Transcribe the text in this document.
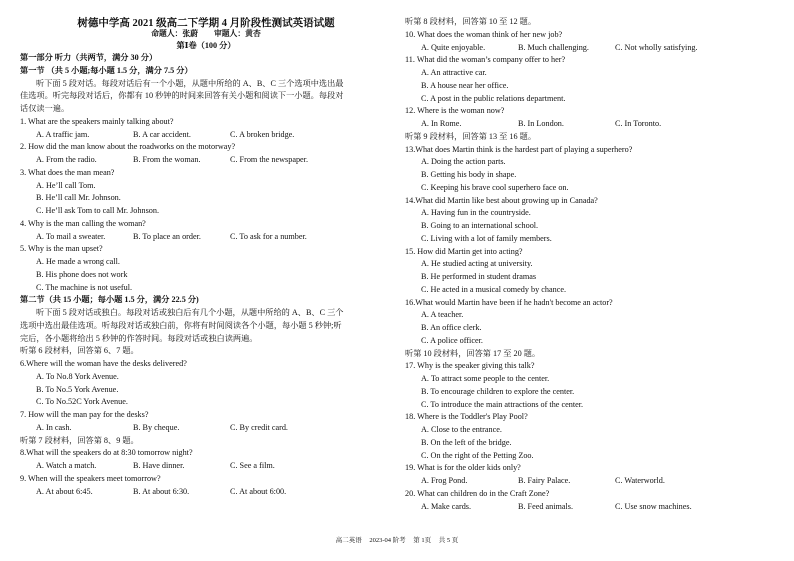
树德中学高 2021 级高二下学期 4 月阶段性测试英语试题
命题人：张蔚 审题人：黄杏
第Ⅰ卷（100 分）
第一部分 听力（共两节，满分 30 分）
第一节 （共 5 小题;每小题 1.5 分，满分 7.5 分）
听下面 5 段对话。每段对话后有一个小题，从题中所给的 A、B、C 三个选项中选出最
佳选项。听完每段对话后，你都有 10 秒钟的时间来回答有关小题和阅读下一小题。每段对
话仅读一遍。
1. What are the speakers mainly talking about?
A. A traffic jam.	B. A car accident.	C. A broken bridge.
2. How did the man know about the roadworks on the motorway?
A. From the radio.	B. From the woman.	C. From the newspaper.
3. What does the man mean?
A. He’ll call Tom.
B. He’ll call Mr. Johnson.
C. He’ll ask Tom to call Mr. Johnson.
4. Why is the man calling the woman?
A. To mail a sweater.	B. To place an order.	C. To ask for a number.
5. Why is the man upset?
A. He made a wrong call.
B. His phone does not work
C. The machine is not useful.
第二节（共 15 小题；每小题 1.5 分，满分 22.5 分)
听下面 5 段对话或独白。每段对话或独白后有几个小题，从题中所给的 A、B、C 三个
选项中选出最佳选项。听每段对话或独白前，你将有时间阅读各个小题，每小题 5 秒钟;听
完后，各小题将给出 5 秒钟的作答时间。每段对话或独白读两遍。
听第 6 段材料，回答第 6、7 题。
6.Where will the woman have the desks delivered?
A. To No.8 York Avenue.
B. To No.5 York Avenue.
C. To No.52C York Avenue.
7. How will the man pay for the desks?
A. In cash.	B. By cheque.	C. By credit card.
听第 7 段材料，回答第 8、9 题。
8.What will the speakers do at 8:30 tomorrow night?
A. Watch a match.	B. Have dinner.	C. See a film.
9. When will the speakers meet tomorrow?
A. At about 6:45.	B. At about 6:30.	C. At about 6:00.
听第 8 段材料，回答第 10 至 12 题。
10. What does the woman think of her new job?
A. Quite enjoyable.	B. Much challenging.	C. Not wholly satisfying.
11. What did the woman’s company offer to her?
A. An attractive car.
B. A house near her office.
C. A post in the public relations department.
12. Where is the woman now?
A. In Rome.	B. In London.	C. In Toronto.
听第 9 段材料，回答第 13 至 16 题。
13.What does Martin think is the hardest part of playing a superhero?
A. Doing the action parts.
B. Getting his body in shape.
C. Keeping his brave cool superhero face on.
14.What did Martin like best about growing up in Canada?
A. Having fun in the countryside.
B. Going to an international school.
C. Living with a lot of family members.
15. How did Martin get into acting?
A. He studied acting at university.
B. He performed in student dramas
C. He acted in a musical comedy by chance.
16.What would Martin have been if he hadn't become an actor?
A. A teacher.
B. An office clerk.
C. A police officer.
听第 10 段材料，回答第 17 至 20 题。
17. Why is the speaker giving this talk?
A. To attract some people to the center.
B. To encourage children to explore the center.
C. To introduce the main attractions of the center.
18. Where is the Toddler's Play Pool?
A. Close to the entrance.
B. On the left of the bridge.
C. On the right of the Petting Zoo.
19. What is for the older kids only?
A. Frog Pond.	B. Fairy Palace.	C. Waterworld.
20. What can children do in the Craft Zone?
A. Make cards.	B. Feed animals.	C. Use snow machines.
高二英语 2023-04 阶考 第 1页 共 5 页
